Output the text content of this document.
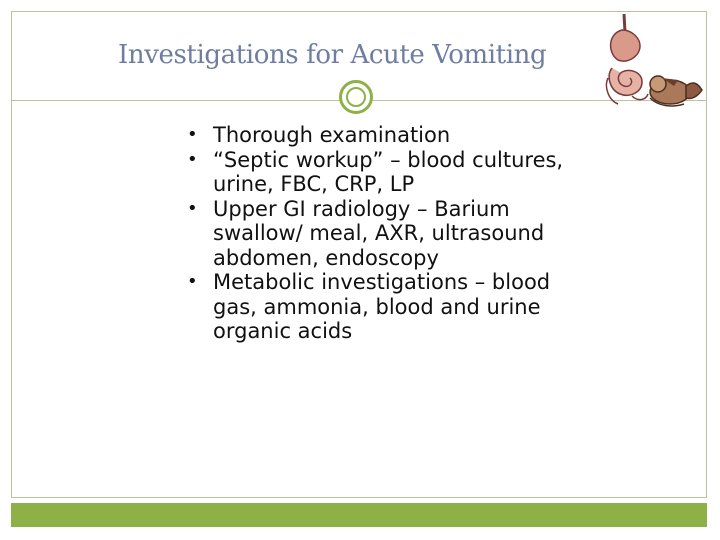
Investigations for Acute Vomiting
• Thorough examination
• “Septic workup” – blood cultures, urine, FBC, CRP, LP
• Upper GI radiology – Barium swallow/ meal, AXR, ultrasound abdomen, endoscopy
• Metabolic investigations – blood gas, ammonia, blood and urine organic acids
